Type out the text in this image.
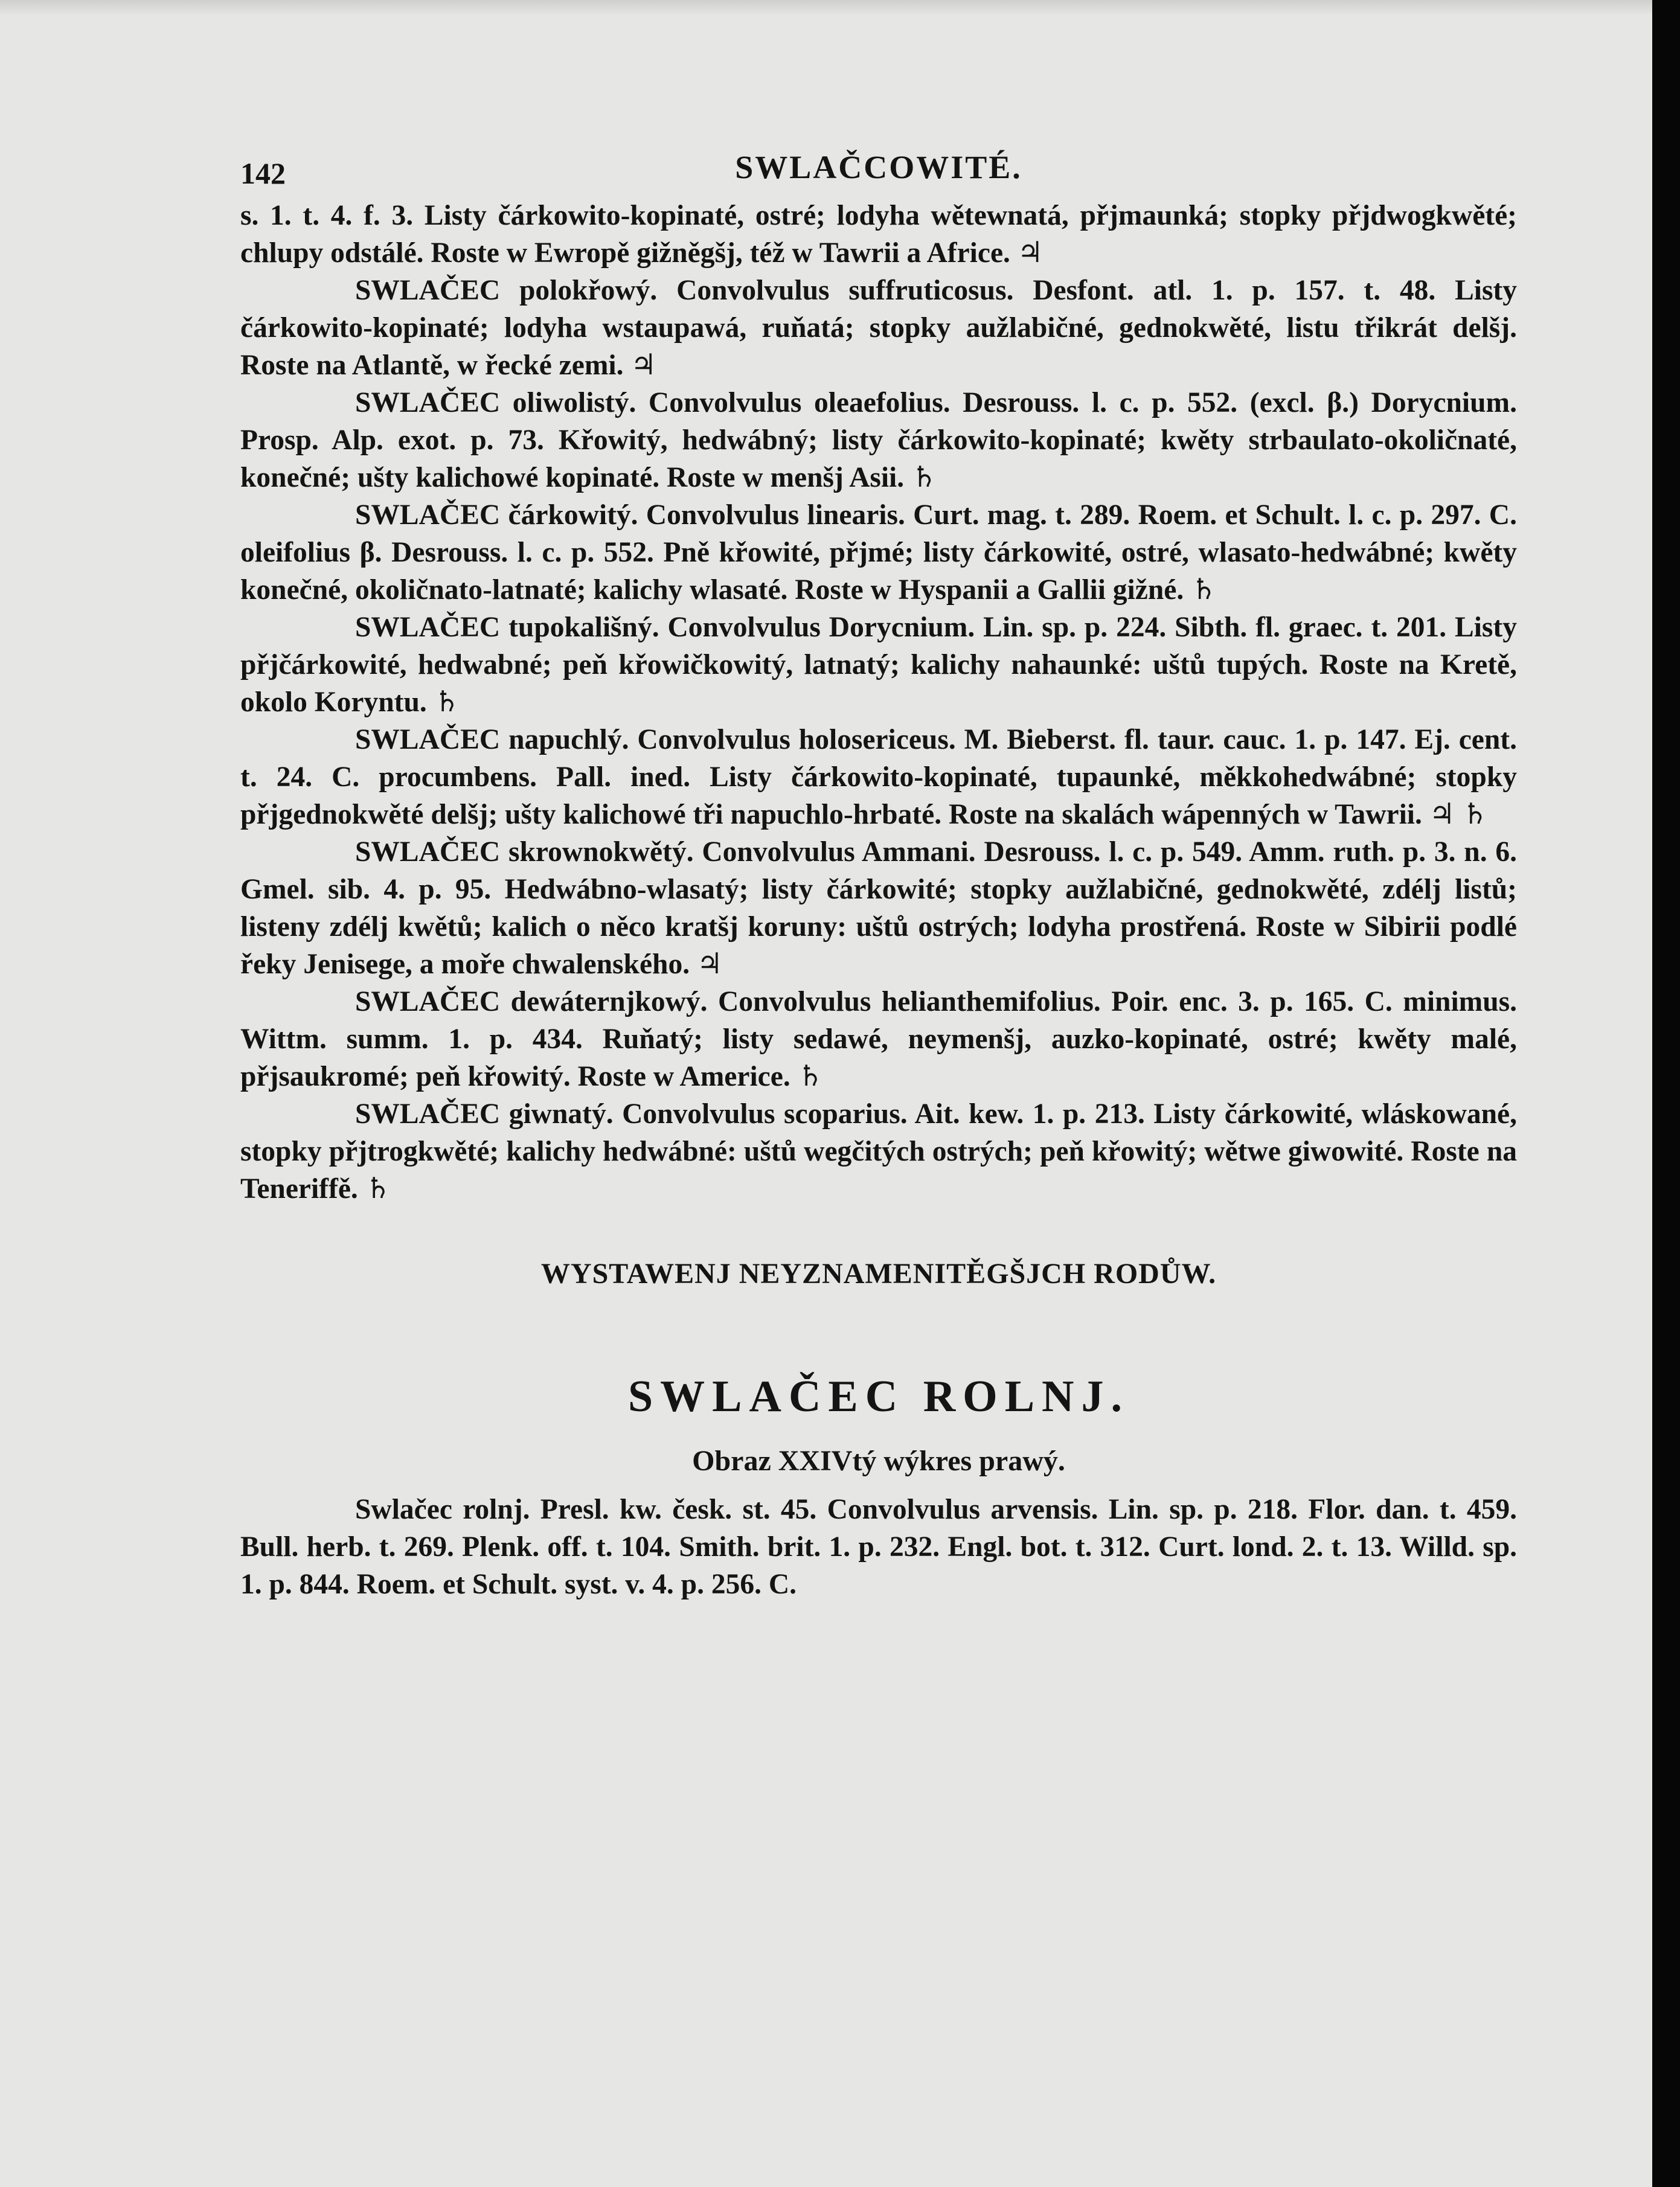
142	SWLAČCOWITÉ.

s. 1. t. 4. f. 3. Listy čárkowito-kopinaté, ostré; lodyha wětewnatá, přjmaunká; stopky přjdwogkwěté; chlupy odstálé. Roste w Ewropě gižněgšj, též w Tawrii a Africe. ♃

SWLAČEC polokřowý. Convolvulus suffruticosus. Desfont. atl. 1. p. 157. t. 48. Listy čárkowito-kopinaté; lodyha wstaupawá, ruňatá; stopky aužlabičné, gednokwěté, listu třikrát delšj. Roste na Atlantě, w řecké zemi. ♃

SWLAČEC oliwolistý. Convolvulus oleaefolius. Desrouss. l. c. p. 552. (excl. β.) Dorycnium. Prosp. Alp. exot. p. 73. Křowitý, hedwábný; listy čárkowito-kopinaté; kwěty strbaulato-okoličnaté, konečné; ušty kalichowé kopinaté. Roste w menšj Asii. ♄

SWLAČEC čárkowitý. Convolvulus linearis. Curt. mag. t. 289. Roem. et Schult. l. c. p. 297. C. oleifolius β. Desrouss. l. c. p. 552. Pně křowité, přjmé; listy čárkowité, ostré, wlasato-hedwábné; kwěty konečné, okoličnato-latnaté; kalichy wlasaté. Roste w Hyspanii a Gallii gižné. ♄

SWLAČEC tupokališný. Convolvulus Dorycnium. Lin. sp. p. 224. Sibth. fl. graec. t. 201. Listy přjčárkowité, hedwabné; peň křowičkowitý, latnatý; kalichy nahaunké: uštů tupých. Roste na Kretě, okolo Koryntu. ♄

SWLAČEC napuchlý. Convolvulus holosericeus. M. Bieberst. fl. taur. cauc. 1. p. 147. Ej. cent. t. 24. C. procumbens. Pall. ined. Listy čárkowito-kopinaté, tupaunké, měkkohedwábné; stopky přjgednokwěté delšj; ušty kalichowé tři napuchlo-hrbaté. Roste na skalách wápenných w Tawrii. ♃ ♄

SWLAČEC skrownokwětý. Convolvulus Ammani. Desrouss. l. c. p. 549. Amm. ruth. p. 3. n. 6. Gmel. sib. 4. p. 95. Hedwábno-wlasatý; listy čárkowité; stopky aužlabičné, gednokwěté, zdélj listů; listeny zdélj kwětů; kalich o něco kratšj koruny: uštů ostrých; lodyha prostřená. Roste w Sibirii podlé řeky Jenisege, a moře chwalenského. ♃

SWLAČEC dewáternjkowý. Convolvulus helianthemifolius. Poir. enc. 3. p. 165. C. minimus. Wittm. summ. 1. p. 434. Ruňatý; listy sedawé, neymenšj, auzko-kopinaté, ostré; kwěty malé, přjsaukromé; peň křowitý. Roste w Americe. ♄

SWLAČEC giwnatý. Convolvulus scoparius. Ait. kew. 1. p. 213. Listy čárkowité, wláskowané, stopky přjtrogkwěté; kalichy hedwábné: uštů wegčitých ostrých; peň křowitý; wětwe giwowité. Roste na Teneriffě. ♄

WYSTAWENJ NEYZNAMENITĚGŠJCH RODŮW.
SWLAČEC ROLNJ.
Obraz XXIVtý wýkres prawý.

Swlačec rolnj. Presl. kw. česk. st. 45. Convolvulus arvensis. Lin. sp. p. 218. Flor. dan. t. 459. Bull. herb. t. 269. Plenk. off. t. 104. Smith. brit. 1. p. 232. Engl. bot. t. 312. Curt. lond. 2. t. 13. Willd. sp. 1. p. 844. Roem. et Schult. syst. v. 4. p. 256. C.
